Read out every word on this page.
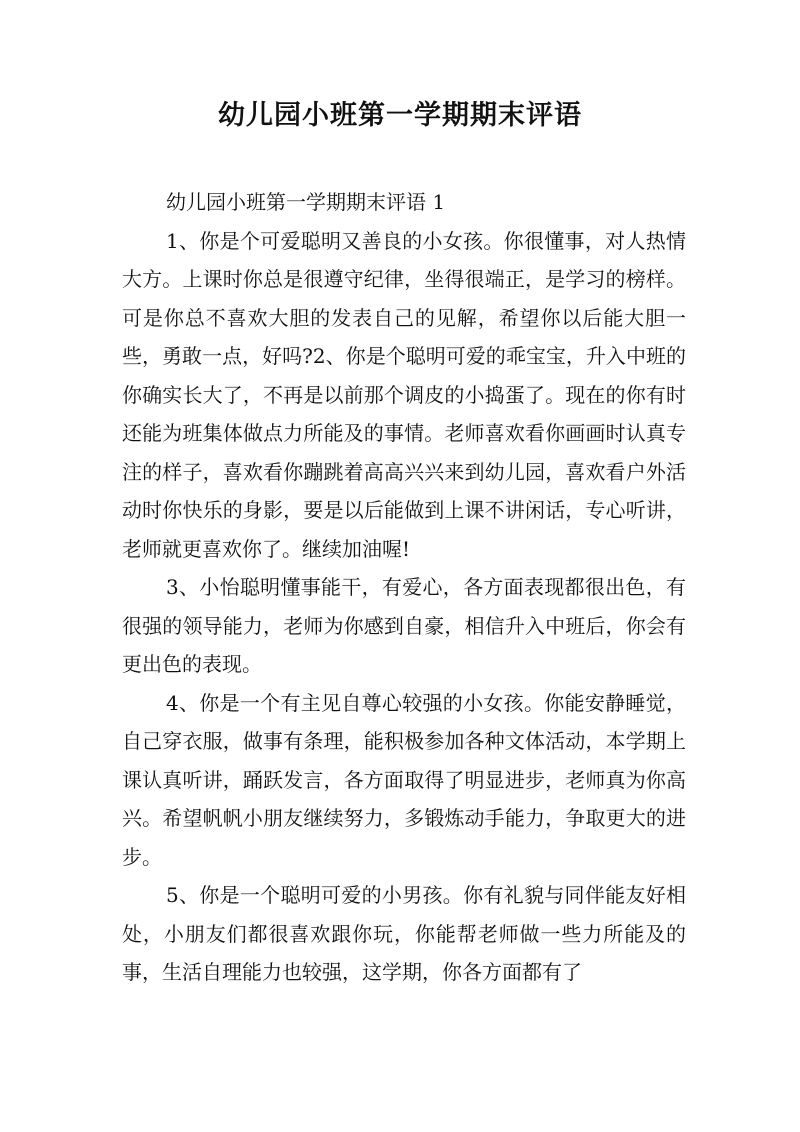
幼儿园小班第一学期期末评语

幼儿园小班第一学期期末评语 1

1、你是个可爱聪明又善良的小女孩。你很懂事，对人热情大方。上课时你总是很遵守纪律，坐得很端正，是学习的榜样。可是你总不喜欢大胆的发表自己的见解，希望你以后能大胆一些，勇敢一点，好吗?2、你是个聪明可爱的乖宝宝，升入中班的你确实长大了，不再是以前那个调皮的小捣蛋了。现在的你有时还能为班集体做点力所能及的事情。老师喜欢看你画画时认真专注的样子，喜欢看你蹦跳着高高兴兴来到幼儿园，喜欢看户外活动时你快乐的身影，要是以后能做到上课不讲闲话，专心听讲，老师就更喜欢你了。继续加油喔!

3、小怡聪明懂事能干，有爱心，各方面表现都很出色，有很强的领导能力，老师为你感到自豪，相信升入中班后，你会有更出色的表现。

4、你是一个有主见自尊心较强的小女孩。你能安静睡觉，自己穿衣服，做事有条理，能积极参加各种文体活动，本学期上课认真听讲，踊跃发言，各方面取得了明显进步，老师真为你高兴。希望帆帆小朋友继续努力，多锻炼动手能力，争取更大的进步。

5、你是一个聪明可爱的小男孩。你有礼貌与同伴能友好相处，小朋友们都很喜欢跟你玩，你能帮老师做一些力所能及的事，生活自理能力也较强，这学期，你各方面都有了
